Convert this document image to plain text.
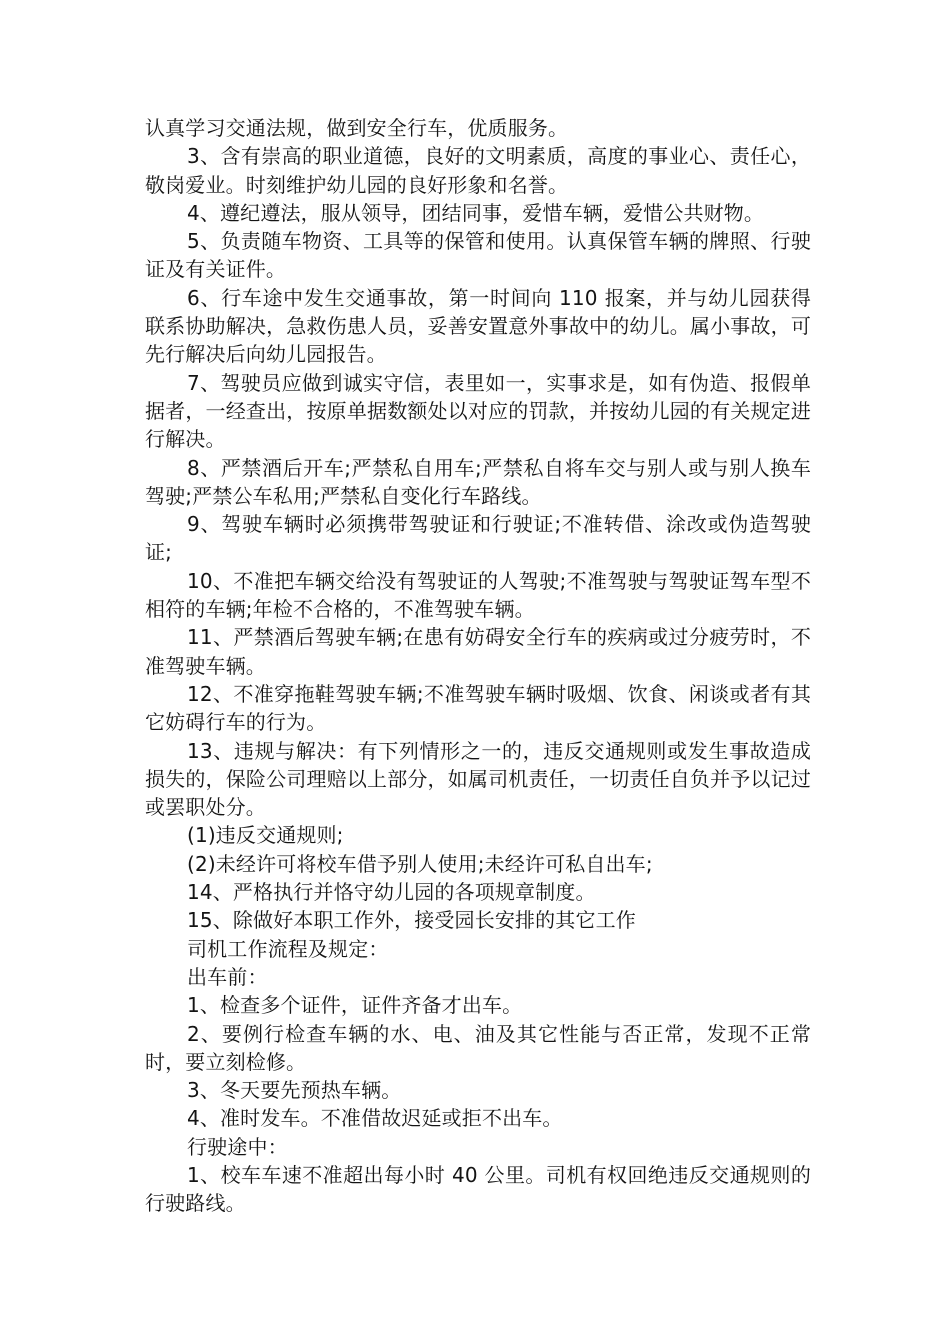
认真学习交通法规，做到安全行车，优质服务。

3、含有崇高的职业道德，良好的文明素质，高度的事业心、责任心，敬岗爱业。时刻维护幼儿园的良好形象和名誉。

4、遵纪遵法，服从领导，团结同事，爱惜车辆，爱惜公共财物。

5、负责随车物资、工具等的保管和使用。认真保管车辆的牌照、行驶证及有关证件。

6、行车途中发生交通事故，第一时间向 110 报案，并与幼儿园获得联系协助解决，急救伤患人员，妥善安置意外事故中的幼儿。属小事故，可先行解决后向幼儿园报告。

7、驾驶员应做到诚实守信，表里如一，实事求是，如有伪造、报假单据者，一经查出，按原单据数额处以对应的罚款，并按幼儿园的有关规定进行解决。

8、严禁酒后开车;严禁私自用车;严禁私自将车交与别人或与别人换车驾驶;严禁公车私用;严禁私自变化行车路线。

9、驾驶车辆时必须携带驾驶证和行驶证;不准转借、涂改或伪造驾驶证;

10、不准把车辆交给没有驾驶证的人驾驶;不准驾驶与驾驶证驾车型不相符的车辆;年检不合格的，不准驾驶车辆。

11、严禁酒后驾驶车辆;在患有妨碍安全行车的疾病或过分疲劳时，不准驾驶车辆。

12、不准穿拖鞋驾驶车辆;不准驾驶车辆时吸烟、饮食、闲谈或者有其它妨碍行车的行为。

13、违规与解决：有下列情形之一的，违反交通规则或发生事故造成损失的，保险公司理赔以上部分，如属司机责任，一切责任自负并予以记过或罢职处分。

(1)违反交通规则;

(2)未经许可将校车借予别人使用;未经许可私自出车;

14、严格执行并恪守幼儿园的各项规章制度。

15、除做好本职工作外，接受园长安排的其它工作

司机工作流程及规定：

出车前：

1、检查多个证件，证件齐备才出车。

2、要例行检查车辆的水、电、油及其它性能与否正常，发现不正常时，要立刻检修。

3、冬天要先预热车辆。

4、准时发车。不准借故迟延或拒不出车。

行驶途中：

1、校车车速不准超出每小时 40 公里。司机有权回绝违反交通规则的行驶路线。
